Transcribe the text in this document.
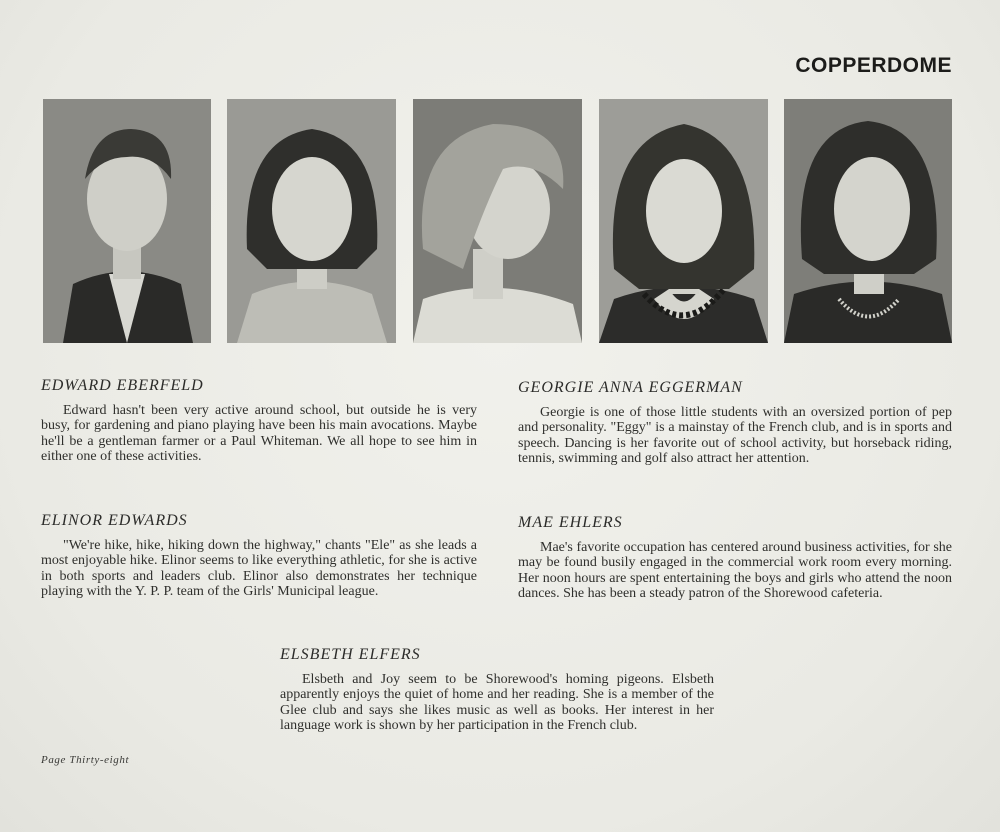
COPPERDOME
EDWARD EBERFELD

Edward hasn't been very active around school, but outside he is very busy, for gardening and piano playing have been his main avocations. Maybe he'll be a gentleman farmer or a Paul Whiteman. We all hope to see him in either one of these activities.

GEORGIE ANNA EGGERMAN

Georgie is one of those little students with an oversized portion of pep and personality. "Eggy" is a mainstay of the French club, and is in sports and speech. Dancing is her favorite out of school activity, but horseback riding, tennis, swimming and golf also attract her attention.

ELINOR EDWARDS

"We're hike, hike, hiking down the highway," chants "Ele" as she leads a most enjoyable hike. Elinor seems to like everything athletic, for she is active in both sports and leaders club. Elinor also demonstrates her technique playing with the Y. P. P. team of the Girls' Municipal league.

MAE EHLERS

Mae's favorite occupation has centered around business activities, for she may be found busily engaged in the commercial work room every morning. Her noon hours are spent entertaining the boys and girls who attend the noon dances. She has been a steady patron of the Shorewood cafeteria.

ELSBETH ELFERS

Elsbeth and Joy seem to be Shorewood's homing pigeons. Elsbeth apparently enjoys the quiet of home and her reading. She is a member of the Glee club and says she likes music as well as books. Her interest in her language work is shown by her participation in the French club.

Page Thirty-eight
